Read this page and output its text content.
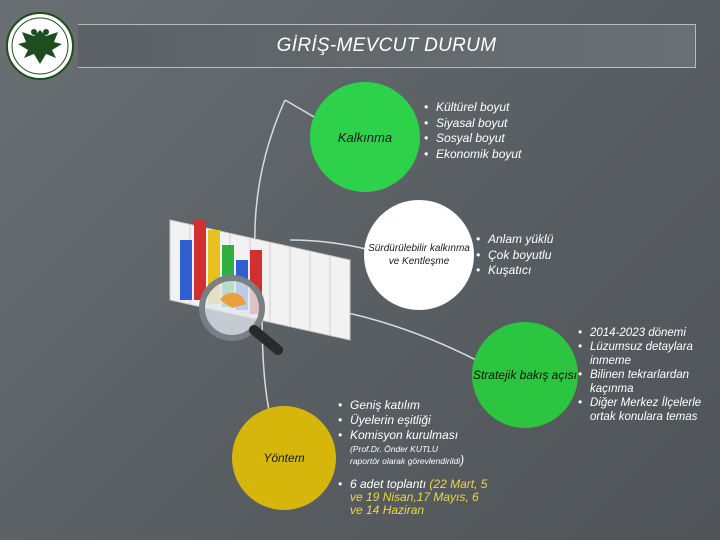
GİRİŞ-MEVCUT DURUM
Kalkınma
Sürdürülebilir kalkınma ve Kentleşme
Stratejik bakış açısı
Yöntem
• Kültürel boyut
• Siyasal boyut
• Sosyal boyut
• Ekonomik boyut
• Anlam yüklü
• Çok boyutlu
• Kuşatıcı
• 2014-2023 dönemi
• Lüzumsuz detaylara inmeme
• Bilinen tekrarlardan kaçınma
• Diğer Merkez İlçelerle ortak konulara temas
• Geniş katılım
• Üyelerin eşitliği
• Komisyon kurulması
(Prof.Dr. Önder KUTLU raportör olarak görevlendirildi)
• 6 adet toplantı (22 Mart, 5 ve 19 Nisan,17 Mayıs, 6 ve 14 Haziran
